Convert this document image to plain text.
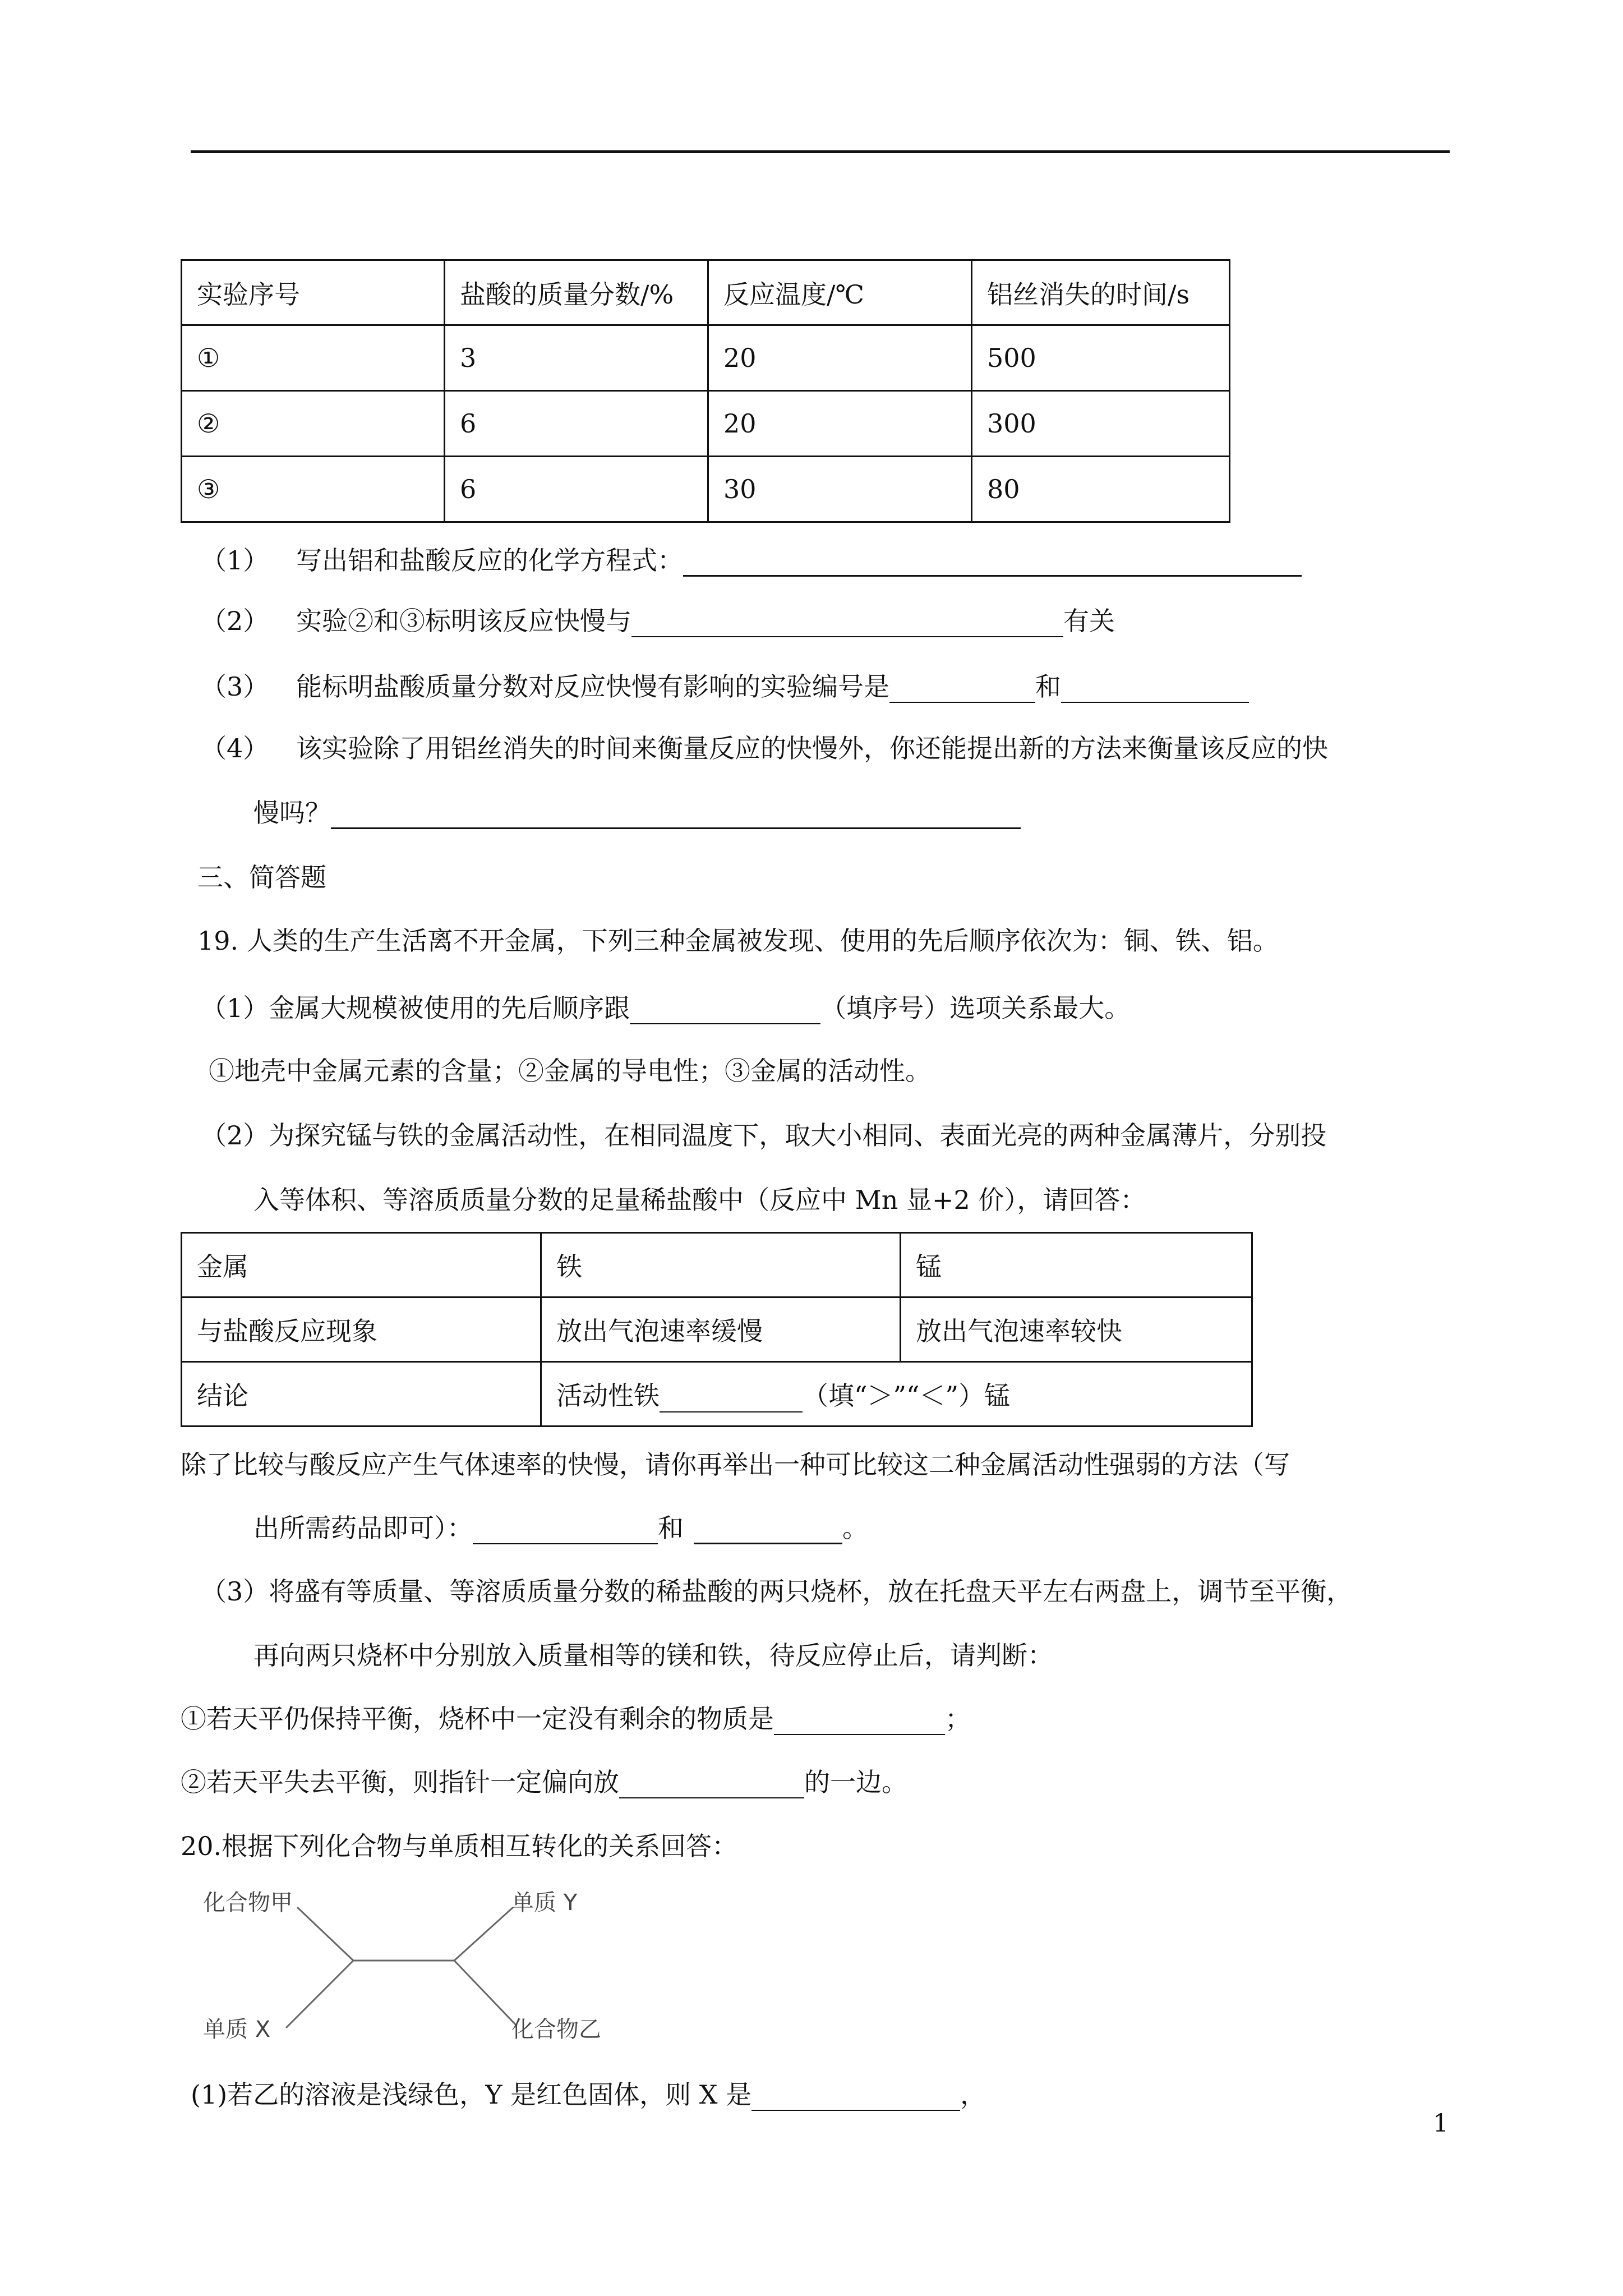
实验序号	盐酸的质量分数/%	反应温度/℃	铝丝消失的时间/s
①	3	20	500
②	6	20	300
③	6	30	80
（1） 写出铝和盐酸反应的化学方程式：
（2） 实验②和③标明该反应快慢与	有关
（3） 能标明盐酸质量分数对反应快慢有影响的实验编号是	和
（4） 该实验除了用铝丝消失的时间来衡量反应的快慢外，你还能提出新的方法来衡量该反应的快
慢吗？
三、简答题
19. 人类的生产生活离不开金属，下列三种金属被发现、使用的先后顺序依次为：铜、铁、铝。
（1）金属大规模被使用的先后顺序跟	（填序号）选项关系最大。
①地壳中金属元素的含量；②金属的导电性；③金属的活动性。
（2）为探究锰与铁的金属活动性，在相同温度下，取大小相同、表面光亮的两种金属薄片，分别投
入等体积、等溶质质量分数的足量稀盐酸中（反应中 Mn 显+2 价），请回答：
金属	铁	锰
与盐酸反应现象	放出气泡速率缓慢	放出气泡速率较快
结论	活动性铁 （填“＞”“＜”）锰	
除了比较与酸反应产生气体速率的快慢，请你再举出一种可比较这二种金属活动性强弱的方法（写
出所需药品即可）：	和	。
（3）将盛有等质量、等溶质质量分数的稀盐酸的两只烧杯，放在托盘天平左右两盘上，调节至平衡，
再向两只烧杯中分别放入质量相等的镁和铁，待反应停止后，请判断：
①若天平仍保持平衡，烧杯中一定没有剩余的物质是	；
②若天平失去平衡，则指针一定偏向放	的一边。
20.根据下列化合物与单质相互转化的关系回答：
化合物甲	单质 Y
单质 X	化合物乙
(1)若乙的溶液是浅绿色，Y 是红色固体，则 X 是	，
1
